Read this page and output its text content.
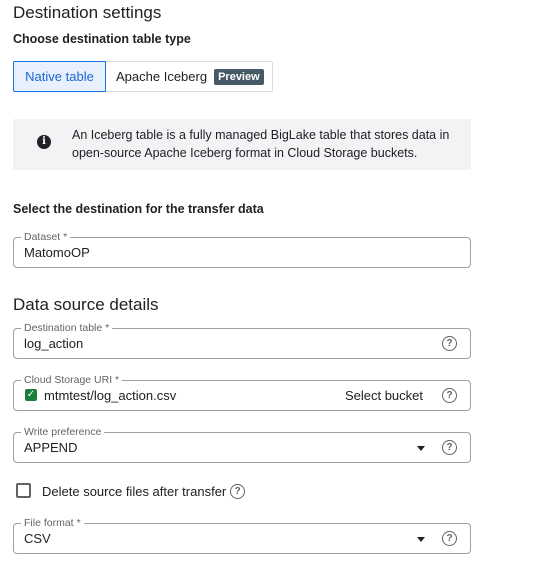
Destination settings
Choose destination table type
Native table	Apache Iceberg	Preview
i	An Iceberg table is a fully managed BigLake table that stores data in open-source Apache Iceberg format in Cloud Storage buckets.
Select the destination for the transfer data
Dataset *
MatomoOP
Data source details
Destination table *
log_action	?
Cloud Storage URI *
✓ mtmtest/log_action.csv	Select bucket	?
Write preference
APPEND	?
Delete source files after transfer ?
File format *
CSV	?
